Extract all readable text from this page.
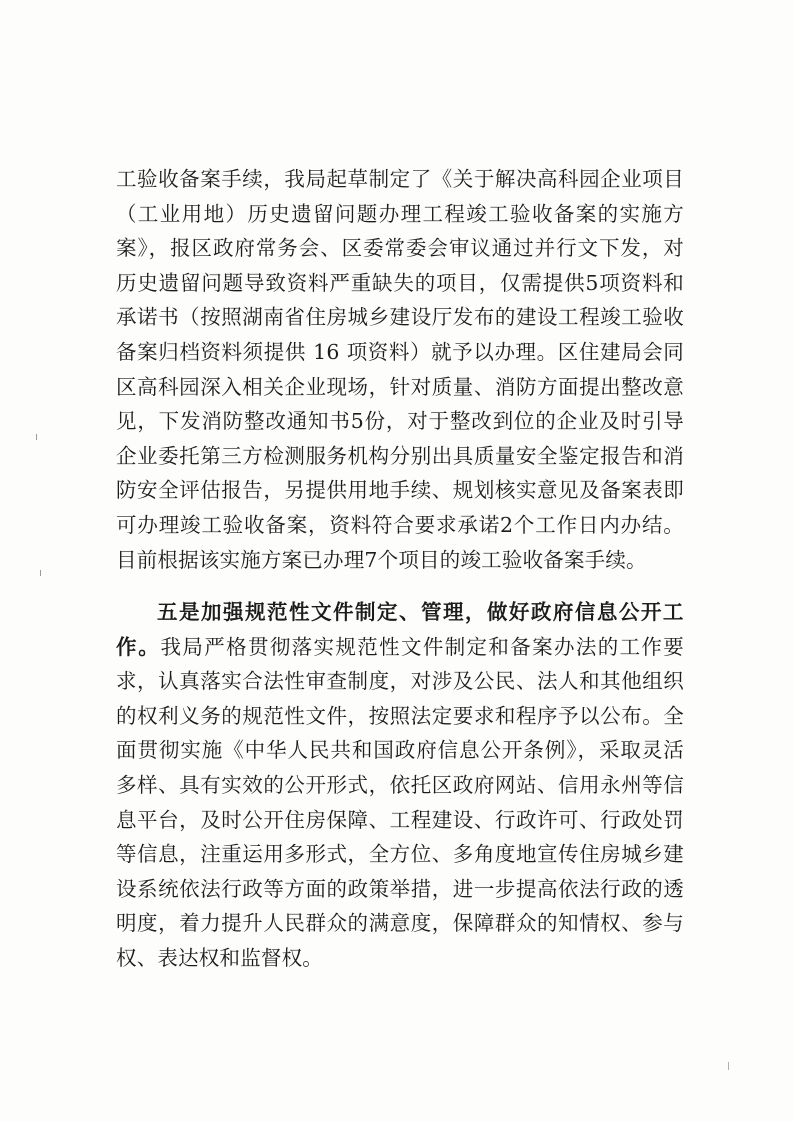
工验收备案手续，我局起草制定了《关于解决高科园企业项目（工业用地）历史遗留问题办理工程竣工验收备案的实施方案》，报区政府常务会、区委常委会审议通过并行文下发，对历史遗留问题导致资料严重缺失的项目，仅需提供5项资料和承诺书（按照湖南省住房城乡建设厅发布的建设工程竣工验收备案归档资料须提供 16 项资料）就予以办理。区住建局会同区高科园深入相关企业现场，针对质量、消防方面提出整改意见，下发消防整改通知书5份，对于整改到位的企业及时引导企业委托第三方检测服务机构分别出具质量安全鉴定报告和消防安全评估报告，另提供用地手续、规划核实意见及备案表即可办理竣工验收备案，资料符合要求承诺2个工作日内办结。目前根据该实施方案已办理7个项目的竣工验收备案手续。

五是加强规范性文件制定、管理，做好政府信息公开工作。我局严格贯彻落实规范性文件制定和备案办法的工作要求，认真落实合法性审查制度，对涉及公民、法人和其他组织的权利义务的规范性文件，按照法定要求和程序予以公布。全面贯彻实施《中华人民共和国政府信息公开条例》，采取灵活多样、具有实效的公开形式，依托区政府网站、信用永州等信息平台，及时公开住房保障、工程建设、行政许可、行政处罚等信息，注重运用多形式，全方位、多角度地宣传住房城乡建设系统依法行政等方面的政策举措，进一步提高依法行政的透明度，着力提升人民群众的满意度，保障群众的知情权、参与权、表达权和监督权。
